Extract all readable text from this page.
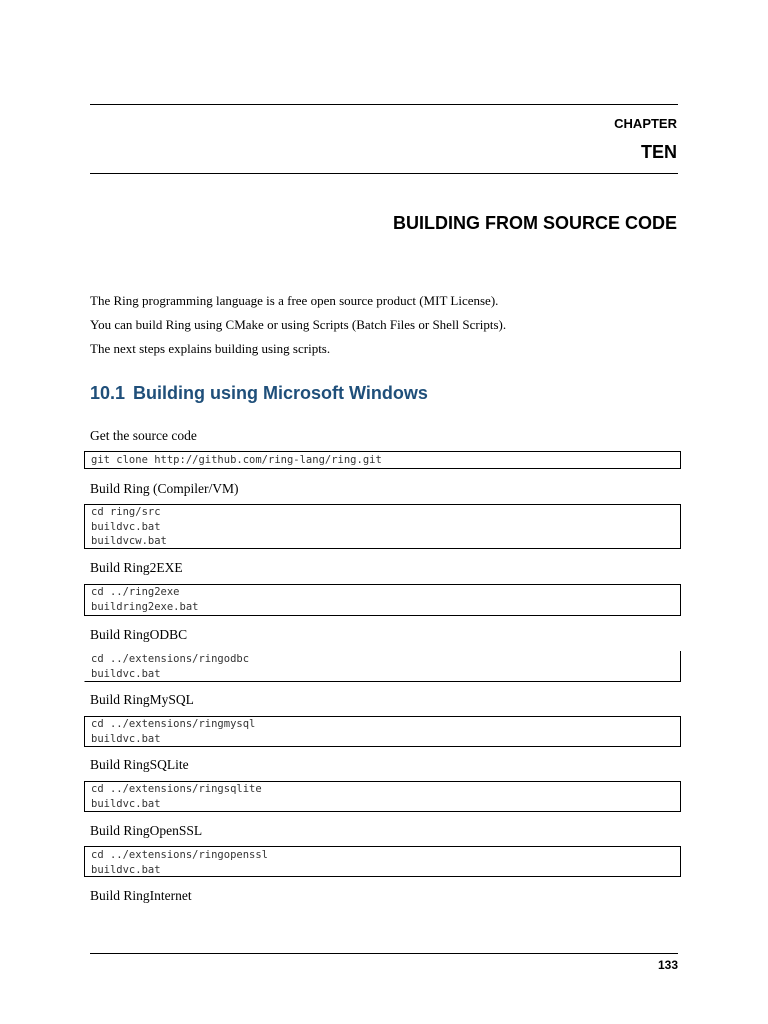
CHAPTER
TEN
BUILDING FROM SOURCE CODE
The Ring programming language is a free open source product (MIT License).
You can build Ring using CMake or using Scripts (Batch Files or Shell Scripts).
The next steps explains building using scripts.
10.1 Building using Microsoft Windows
Get the source code
git clone http://github.com/ring-lang/ring.git
Build Ring (Compiler/VM)
cd ring/src
buildvc.bat
buildvcw.bat
Build Ring2EXE
cd ../ring2exe
buildring2exe.bat
Build RingODBC
cd ../extensions/ringodbc
buildvc.bat
Build RingMySQL
cd ../extensions/ringmysql
buildvc.bat
Build RingSQLite
cd ../extensions/ringsqlite
buildvc.bat
Build RingOpenSSL
cd ../extensions/ringopenssl
buildvc.bat
Build RingInternet
133
